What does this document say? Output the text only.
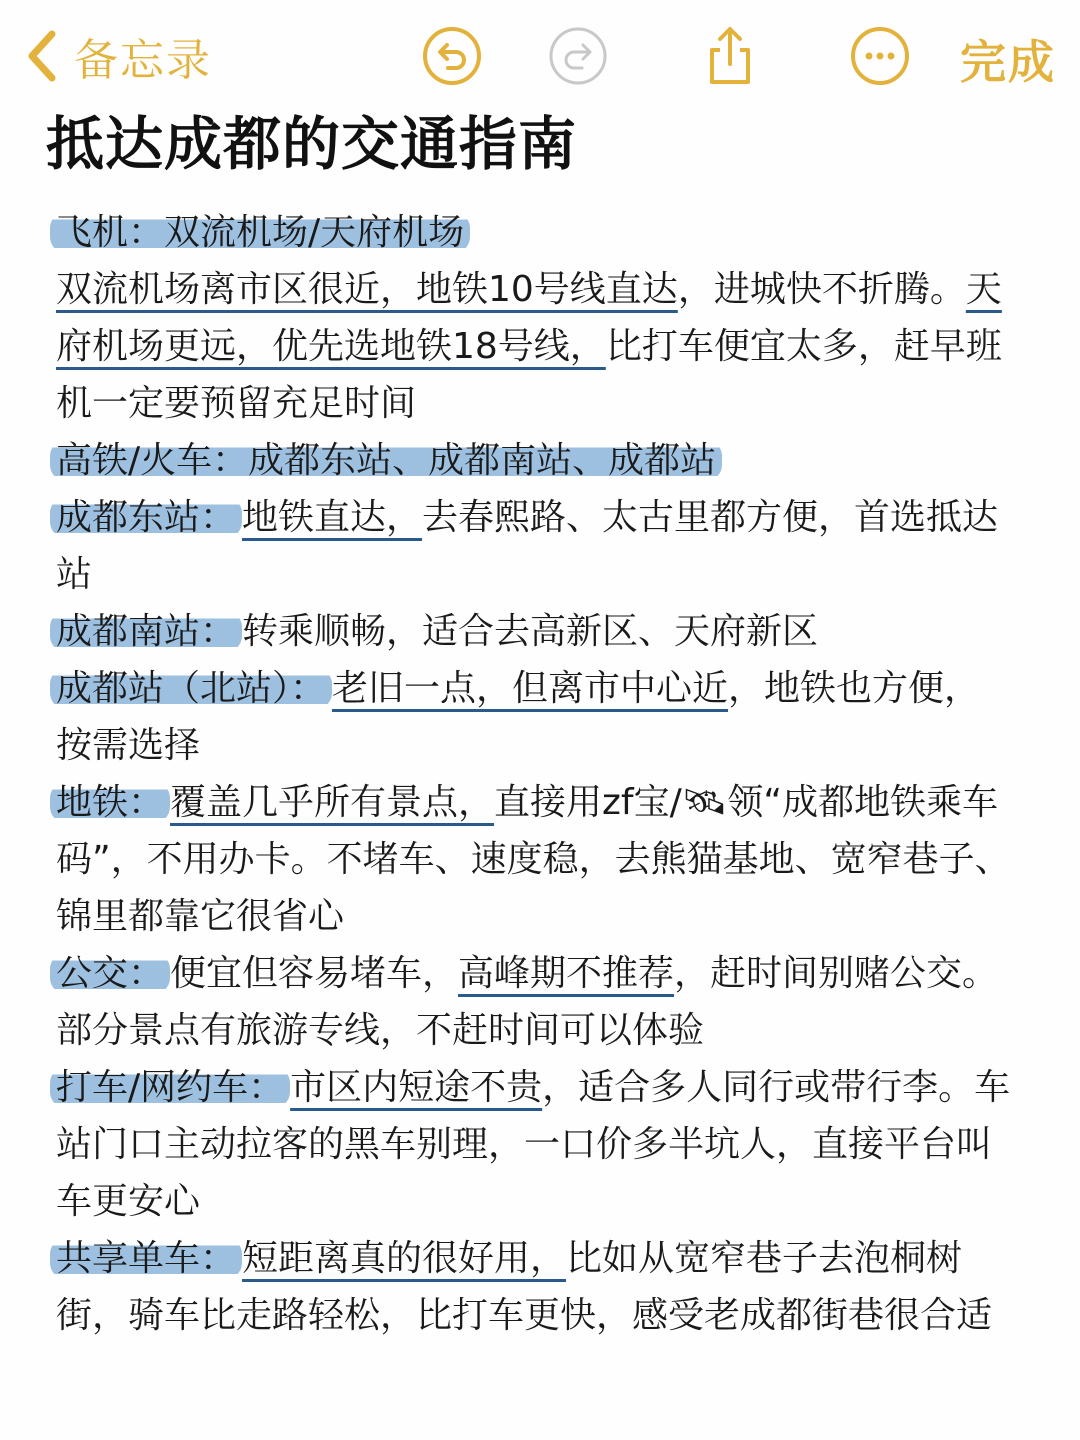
备忘录	完成
抵达成都的交通指南

飞机：双流机场/天府机场

双流机场离市区很近，地铁10号线直达，进城快不折腾。天府机场更远，优先选地铁18号线，比打车便宜太多，赶早班机一定要预留充足时间

高铁/火车：成都东站、成都南站、成都站

成都东站： 地铁直达，去春熙路、太古里都方便，首选抵达站

成都南站： 转乘顺畅，适合去高新区、天府新区

成都站（北站）： 老旧一点，但离市中心近，地铁也方便，按需选择

地铁： 覆盖几乎所有景点，直接用zf宝/🛰领“成都地铁乘车码”，不用办卡。不堵车、速度稳，去熊猫基地、宽窄巷子、锦里都靠它很省心

公交： 便宜但容易堵车，高峰期不推荐，赶时间别赌公交。部分景点有旅游专线，不赶时间可以体验

打车/网约车： 市区内短途不贵，适合多人同行或带行李。车站门口主动拉客的黑车别理，一口价多半坑人，直接平台叫车更安心

共享单车： 短距离真的很好用，比如从宽窄巷子去泡桐树街，骑车比走路轻松，比打车更快，感受老成都街巷很合适
